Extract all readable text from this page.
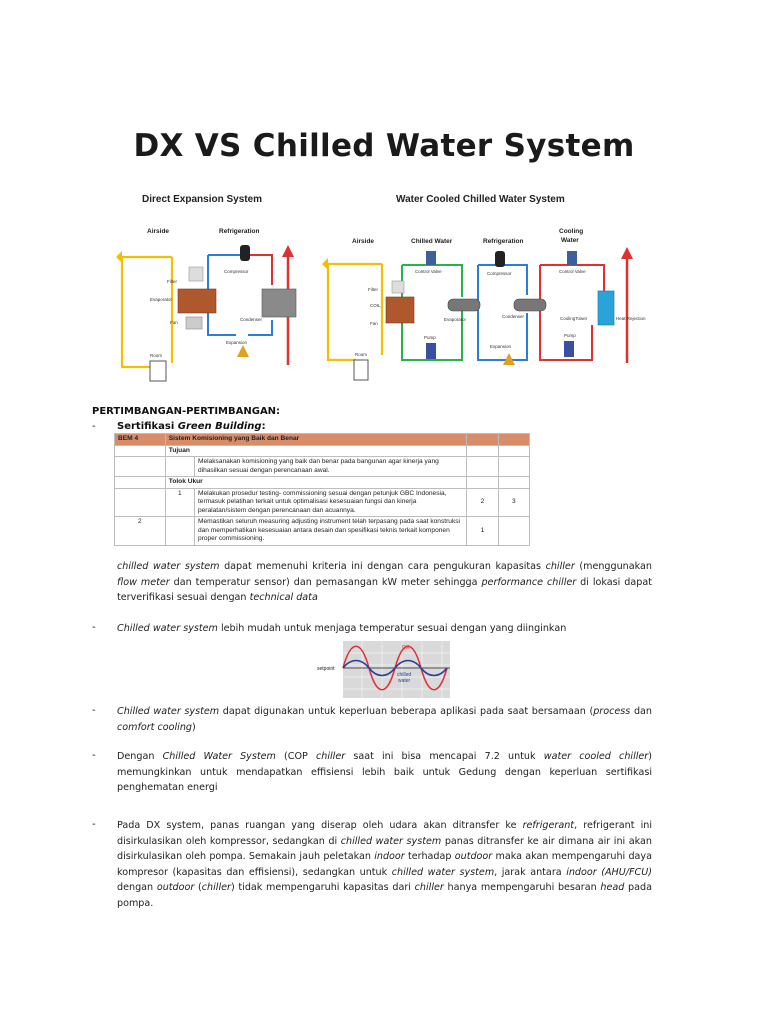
DX VS Chilled Water System
Direct Expansion System
Airside	Refrigeration
Compressor
Filter
Evaporator
Fan
Condenser
Expansion
Room
Water Cooled Chilled Water System
Airside	Chilled Water	Refrigeration
Cooling
Water
Filter
COIL
Fan
Control Valve	Compressor	Control Valve
Evaporator
Condenser	CoolingTower	Heat Rejection
Pump
Expansion
Pump
Room
PERTIMBANGAN-PERTIMBANGAN:
- Sertifikasi Green Building:
BEM 4	Sistem Komisioning yang Baik dan Benar			
	Tujuan			
		Melaksanakan komisioning yang baik dan benar pada bangunan agar kinerja yang dihasilkan sesuai dengan perencanaan awal.		
	Tolok Ukur			
	1	Melakukan prosedur testing- commissioning sesuai dengan petunjuk GBC Indonesia, termasuk pelatihan terkait untuk optimalisasi kesesuaian fungsi dan kinerja peralatan/sistem dengan perencanaan dan acuannya.	2	3
2		Memastikan seluruh measuring adjusting instrument telah terpasang pada saat konstruksi dan memperhatikan kesesuaian antara desain dan spesifikasi teknis terkait komponen proper commissioning.	1	
chilled water system dapat memenuhi kriteria ini dengan cara pengukuran kapasitas chiller (menggunakan flow meter dan temperatur sensor) dan pemasangan kW meter sehingga performance chiller di lokasi dapat terverifikasi sesuai dengan technical data
- Chilled water system lebih mudah untuk menjaga temperatur sesuai dengan yang diinginkan
setpoint
DX
chilled
water
- Chilled water system dapat digunakan untuk keperluan beberapa aplikasi pada saat bersamaan (process dan comfort cooling)
- Dengan Chilled Water System (COP chiller saat ini bisa mencapai 7.2 untuk water cooled chiller) memungkinkan untuk mendapatkan effisiensi lebih baik untuk Gedung dengan keperluan sertifikasi penghematan energi
- Pada DX system, panas ruangan yang diserap oleh udara akan ditransfer ke refrigerant, refrigerant ini disirkulasikan oleh kompressor, sedangkan di chilled water system panas ditransfer ke air dimana air ini akan disirkulasikan oleh pompa. Semakain jauh peletakan indoor terhadap outdoor maka akan mempengaruhi daya kompresor (kapasitas dan effisiensi), sedangkan untuk chilled water system, jarak antara indoor (AHU/FCU) dengan outdoor (chiller) tidak mempengaruhi kapasitas dari chiller hanya mempengaruhi besaran head pada pompa.
